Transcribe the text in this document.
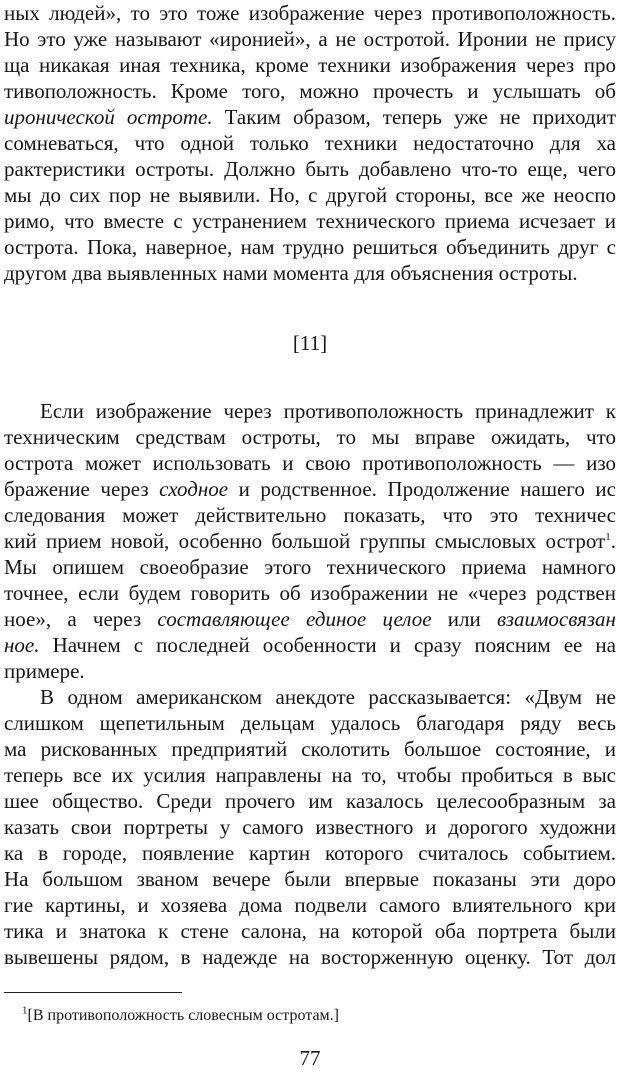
ных людей», то это тоже изображение через противоположность.
Но это уже называют «иронией», а не остротой. Иронии не прису
ща никакая иная техника, кроме техники изображения через про
тивоположность. Кроме того, можно прочесть и услышать об
иронической остроте. Таким образом, теперь уже не приходит
сомневаться, что одной только техники недостаточно для ха
рактеристики остроты. Должно быть добавлено что-то еще, чего
мы до сих пор не выявили. Но, с другой стороны, все же неоспо
римо, что вместе с устранением технического приема исчезает и
острота. Пока, наверное, нам трудно решиться объединить друг с
другом два выявленных нами момента для объяснения остроты.
[11]
Если изображение через противоположность принадлежит к
техническим средствам остроты, то мы вправе ожидать, что
острота может использовать и свою противоположность — изо
бражение через сходное и родственное. Продолжение нашего ис
следования может действительно показать, что это техничес
кий прием новой, особенно большой группы смысловых острот$^1$.
Мы опишем своеобразие этого технического приема намного
точнее, если будем говорить об изображении не «через родствен
ное», а через составляющее единое целое или взаимосвязан
ное. Начнем с последней особенности и сразу поясним ее на
примере.
В одном американском анекдоте рассказывается: «Двум не
слишком щепетильным дельцам удалось благодаря ряду весь
ма рискованных предприятий сколотить большое состояние, и
теперь все их усилия направлены на то, чтобы пробиться в выс
шее общество. Среди прочего им казалось целесообразным за
казать свои портреты у самого известного и дорогого художни
ка в городе, появление картин которого считалось событием.
На большом званом вечере были впервые показаны эти доро
гие картины, и хозяева дома подвели самого влиятельного кри
тика и знатока к стене салона, на которой оба портрета были
вывешены рядом, в надежде на восторженную оценку. Тот дол
$^1$[В противоположность словесным остротам.]
77
